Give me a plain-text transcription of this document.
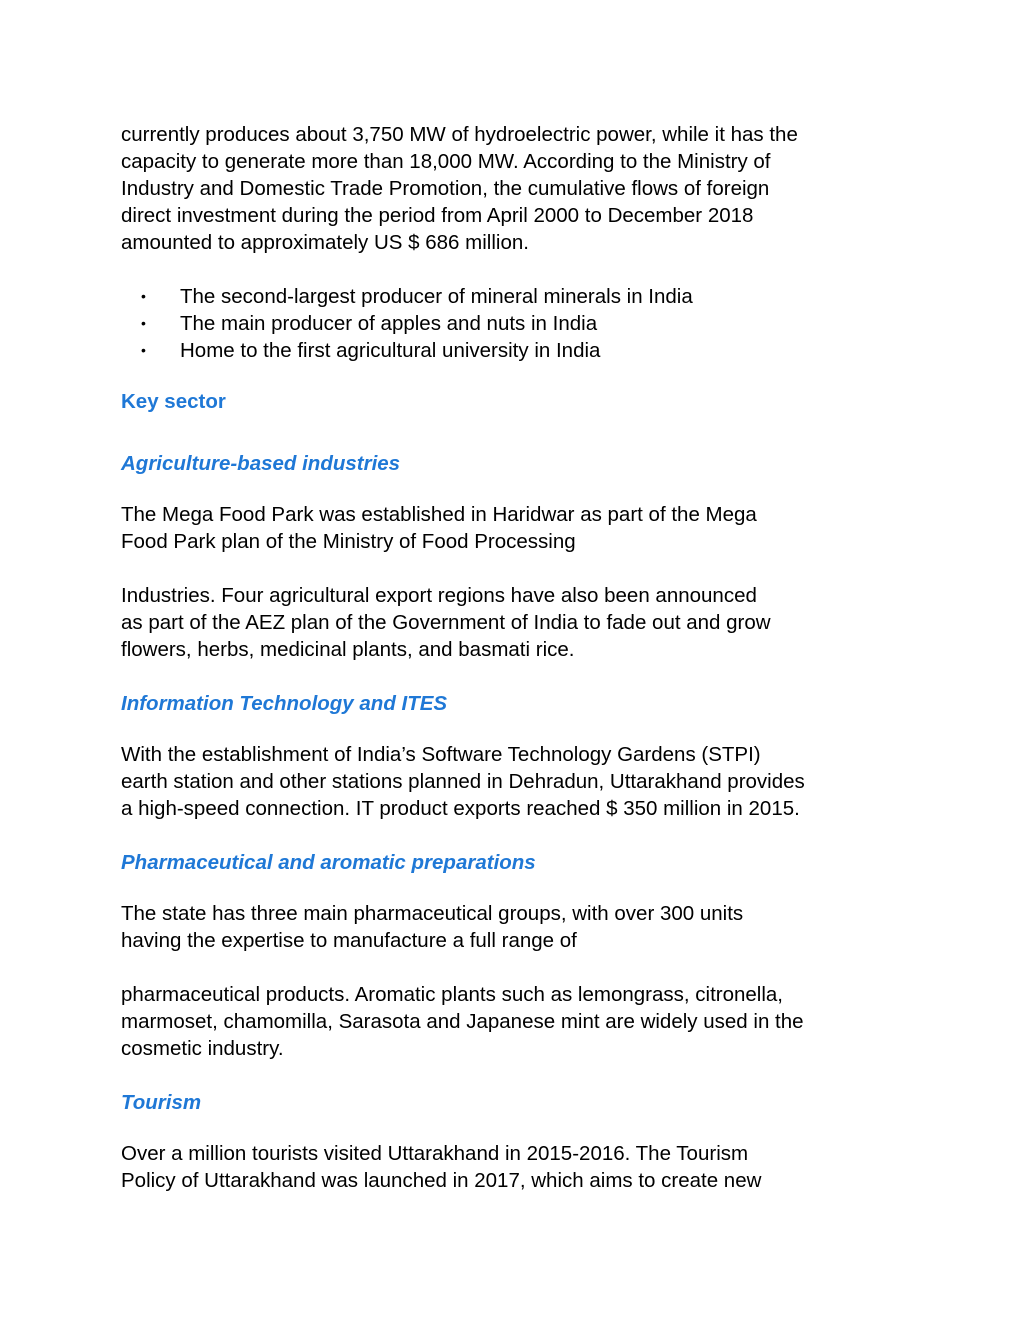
currently produces about 3,750 MW of hydroelectric power, while it has the

capacity to generate more than 18,000 MW. According to the Ministry of

Industry and Domestic Trade Promotion, the cumulative flows of foreign

direct investment during the period from April 2000 to December 2018

amounted to approximately US $ 686 million.

• The second-largest producer of mineral minerals in India
• The main producer of apples and nuts in India
• Home to the first agricultural university in India
Key sector
Agriculture-based industries

The Mega Food Park was established in Haridwar as part of the Mega

Food Park plan of the Ministry of Food Processing

Industries. Four agricultural export regions have also been announced

as part of the AEZ plan of the Government of India to fade out and grow

flowers, herbs, medicinal plants, and basmati rice.

Information Technology and ITES

With the establishment of India’s Software Technology Gardens (STPI)

earth station and other stations planned in Dehradun, Uttarakhand provides

a high-speed connection. IT product exports reached $ 350 million in 2015.

Pharmaceutical and aromatic preparations

The state has three main pharmaceutical groups, with over 300 units

having the expertise to manufacture a full range of

pharmaceutical products. Aromatic plants such as lemongrass, citronella,

marmoset, chamomilla, Sarasota and Japanese mint are widely used in the

cosmetic industry.

Tourism

Over a million tourists visited Uttarakhand in 2015-2016. The Tourism

Policy of Uttarakhand was launched in 2017, which aims to create new
